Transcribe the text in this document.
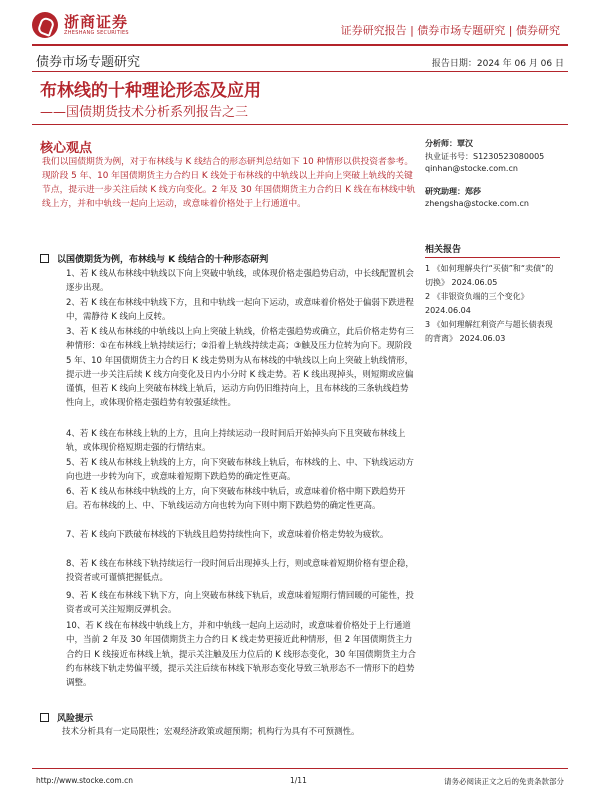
浙商证券
ZHESHANG SECURITIES	证券研究报告 | 债券市场专题研究 | 债券研究
债券市场专题研究	报告日期：2024 年 06 月 06 日
布林线的十种理论形态及应用
——国债期货技术分析系列报告之三
核心观点
我们以国债期货为例，对于布林线与 K 线结合的形态研判总结如下 10 种情形以供投资者参考。现阶段 5 年、10 年国债期货主力合约日 K 线处于布林线的中轨线以上并向上突破上轨线的关键节点，提示进一步关注后续 K 线方向变化。2 年及 30 年国债期货主力合约日 K 线在布林线中轨线上方，并和中轨线一起向上运动，或意味着价格处于上行通道中。
以国债期货为例，布林线与 K 线结合的十种形态研判
1、若 K 线从布林线中轨线以下向上突破中轨线，或体现价格走强趋势启动，中长线配置机会逐步出现。
2、若 K 线在布林线中轨线下方，且和中轨线一起向下运动，或意味着价格处于偏弱下跌进程中，需静待 K 线向上反转。
3、若 K 线从布林线的中轨线以上向上突破上轨线，价格走强趋势或确立，此后价格走势有三种情形：①在布林线上轨持续运行；②沿着上轨线持续走高；③触及压力位转为向下。现阶段 5 年、10 年国债期货主力合约日 K 线走势则为从布林线的中轨线以上向上突破上轨线情形，提示进一步关注后续 K 线方向变化及日内小分时 K 线走势。若 K 线出现掉头，则短期或应偏谨慎，但若 K 线向上突破布林线上轨后，运动方向仍旧维持向上，且布林线的三条轨线趋势性向上，或体现价格走强趋势有较强延续性。
4、若 K 线在布林线上轨的上方，且向上持续运动一段时间后开始掉头向下且突破布林线上轨，或体现价格短期走强的行情结束。
5、若 K 线从布林线上轨线的上方，向下突破布林线上轨后，布林线的上、中、下轨线运动方向也进一步转为向下，或意味着短期下跌趋势的确定性更高。
6、若 K 线从布林线中轨线的上方，向下突破布林线中轨后，或意味着价格中期下跌趋势开启。若布林线的上、中、下轨线运动方向也转为向下则中期下跌趋势的确定性更高。
7、若 K 线向下跌破布林线的下轨线且趋势持续性向下，或意味着价格走势较为疲软。
8、若 K 线在布林线下轨持续运行一段时间后出现掉头上行，则或意味着短期价格有望企稳，投资者或可谨慎把握低点。
9、若 K 线在布林线下轨下方，向上突破布林线下轨后，或意味着短期行情回暖的可能性，投资者或可关注短期反弹机会。
10、若 K 线在布林线中轨线上方，并和中轨线一起向上运动时，或意味着价格处于上行通道中，当前 2 年及 30 年国债期货主力合约日 K 线走势更接近此种情形，但 2 年国债期货主力合约日 K 线接近布林线上轨，提示关注触及压力位后的 K 线形态变化，30 年国债期货主力合约布林线下轨走势偏平缓，提示关注后续布林线下轨形态变化导致三轨形态不一情形下的趋势调整。
风险提示
技术分析具有一定局限性；宏观经济政策或超预期；机构行为具有不可预测性。
分析师：覃汉
执业证书号：S1230523080005
qinhan@stocke.com.cn
研究助理：郑莎
zhengsha@stocke.com.cn
相关报告
1 《如何理解央行“买债”和“卖债”的切换》 2024.06.05
2 《非银资负端的三个变化》 2024.06.04
3 《如何理解红利资产与超长债表现的背离》 2024.06.03
http://www.stocke.com.cn	1/11	请务必阅读正文之后的免责条款部分
